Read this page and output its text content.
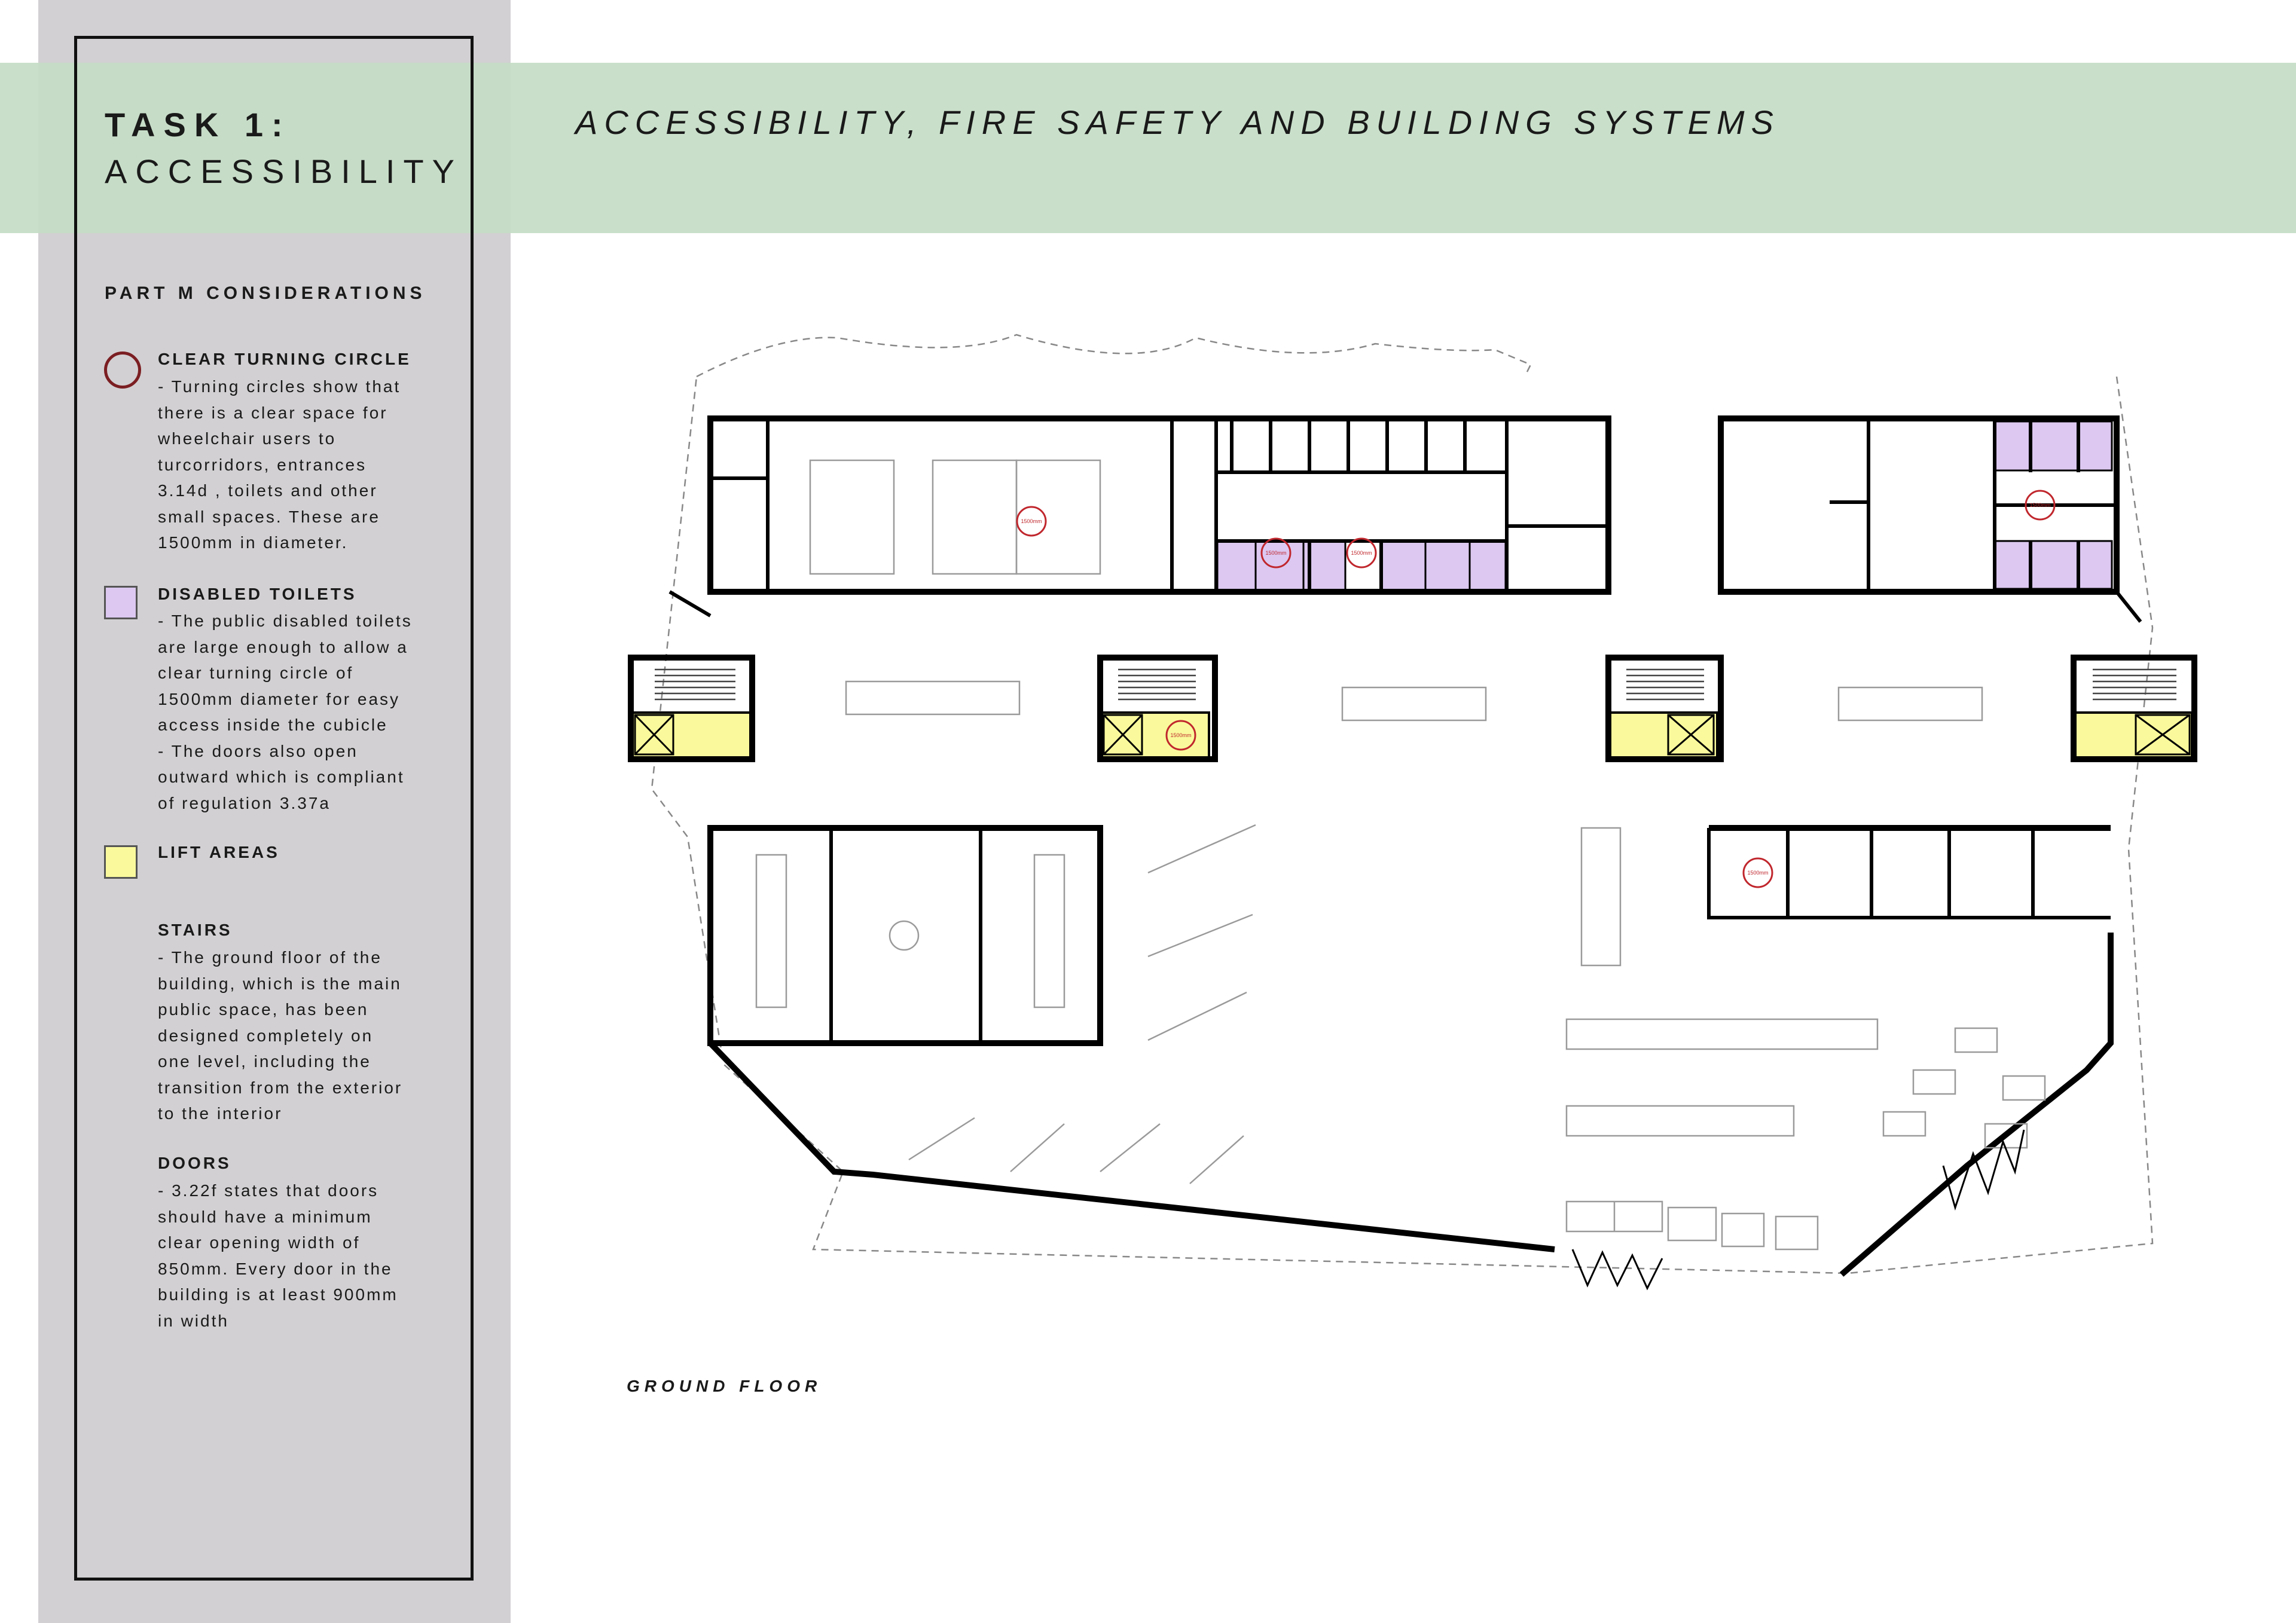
TASK 1:
ACCESSIBILITY
ACCESSIBILITY, FIRE SAFETY AND BUILDING SYSTEMS
PART M CONSIDERATIONS
CLEAR TURNING CIRCLE

- Turning circles show that
there is a clear space for
wheelchair users to
turcorridors, entrances
3.14d , toilets and other
small spaces. These are
1500mm in diameter.

DISABLED TOILETS

- The public disabled toilets
are large enough to allow a
clear turning circle of
1500mm diameter for easy
access inside the cubicle
- The doors also open
outward which is compliant
of regulation 3.37a

LIFT AREAS
STAIRS

- The ground floor of the
building, which is the main
public space, has been
designed completely on
one level, including the
transition from the exterior
to the interior

DOORS

- 3.22f states that doors
should have a minimum
clear opening width of
850mm. Every door in the
building is at least 900mm
in width

GROUND FLOOR
1500mm
1500mm	1500mm
1500mm
1500mm
1500mm
